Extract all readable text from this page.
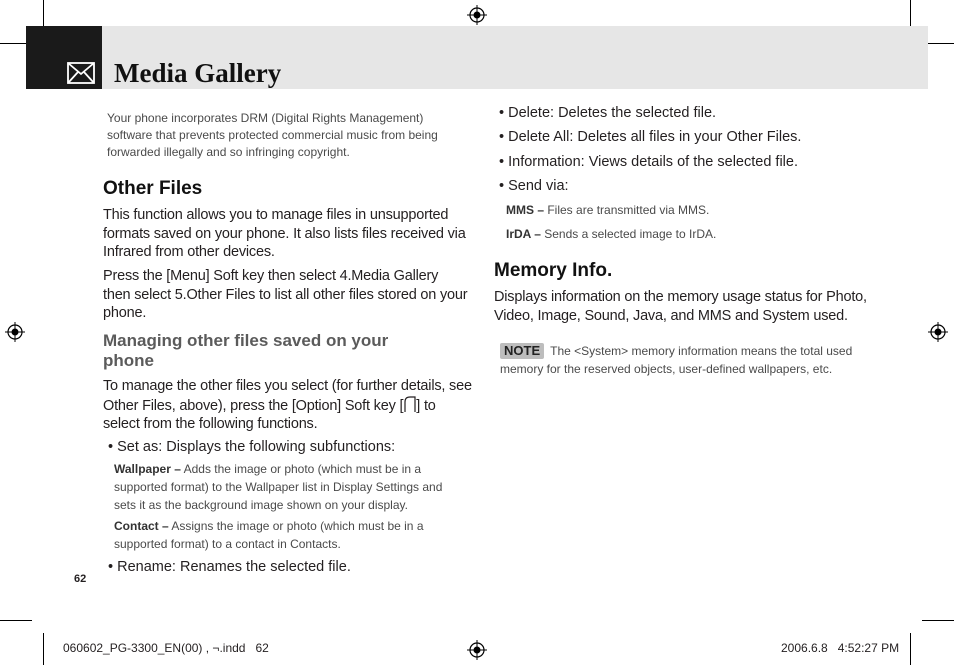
Media Gallery
Your phone incorporates DRM (Digital Rights Management)
software that prevents protected commercial music from being
forwarded illegally and so infringing copyright.
Other Files
This function allows you to manage files in unsupported
formats saved on your phone. It also lists files received via
Infrared from other devices.
Press the [Menu] Soft key then select 4.Media Gallery
then select 5.Other Files to list all other files stored on your
phone.
Managing other files saved on your
phone
To manage the other files you select (for further details, see
Other Files, above), press the [Option] Soft key [ ] to
select from the following functions.
• Set as: Displays the following subfunctions:
Wallpaper – Adds the image or photo (which must be in a
supported format) to the Wallpaper list in Display Settings and
sets it as the background image shown on your display.
Contact – Assigns the image or photo (which must be in a
supported format) to a contact in Contacts.
• Rename: Renames the selected file.
62
• Delete: Deletes the selected file.
• Delete All: Deletes all files in your Other Files.
• Information: Views details of the selected file.
• Send via:
MMS – Files are transmitted via MMS.
IrDA – Sends a selected image to IrDA.
Memory Info.
Displays information on the memory usage status for Photo,
Video, Image, Sound, Java, and MMS and System used.
NOTE The <System> memory information means the total used
memory for the reserved objects, user-defined wallpapers, etc.
060602_PG-3300_EN(00) , ¬.indd   62	2006.6.8   4:52:27 PM
